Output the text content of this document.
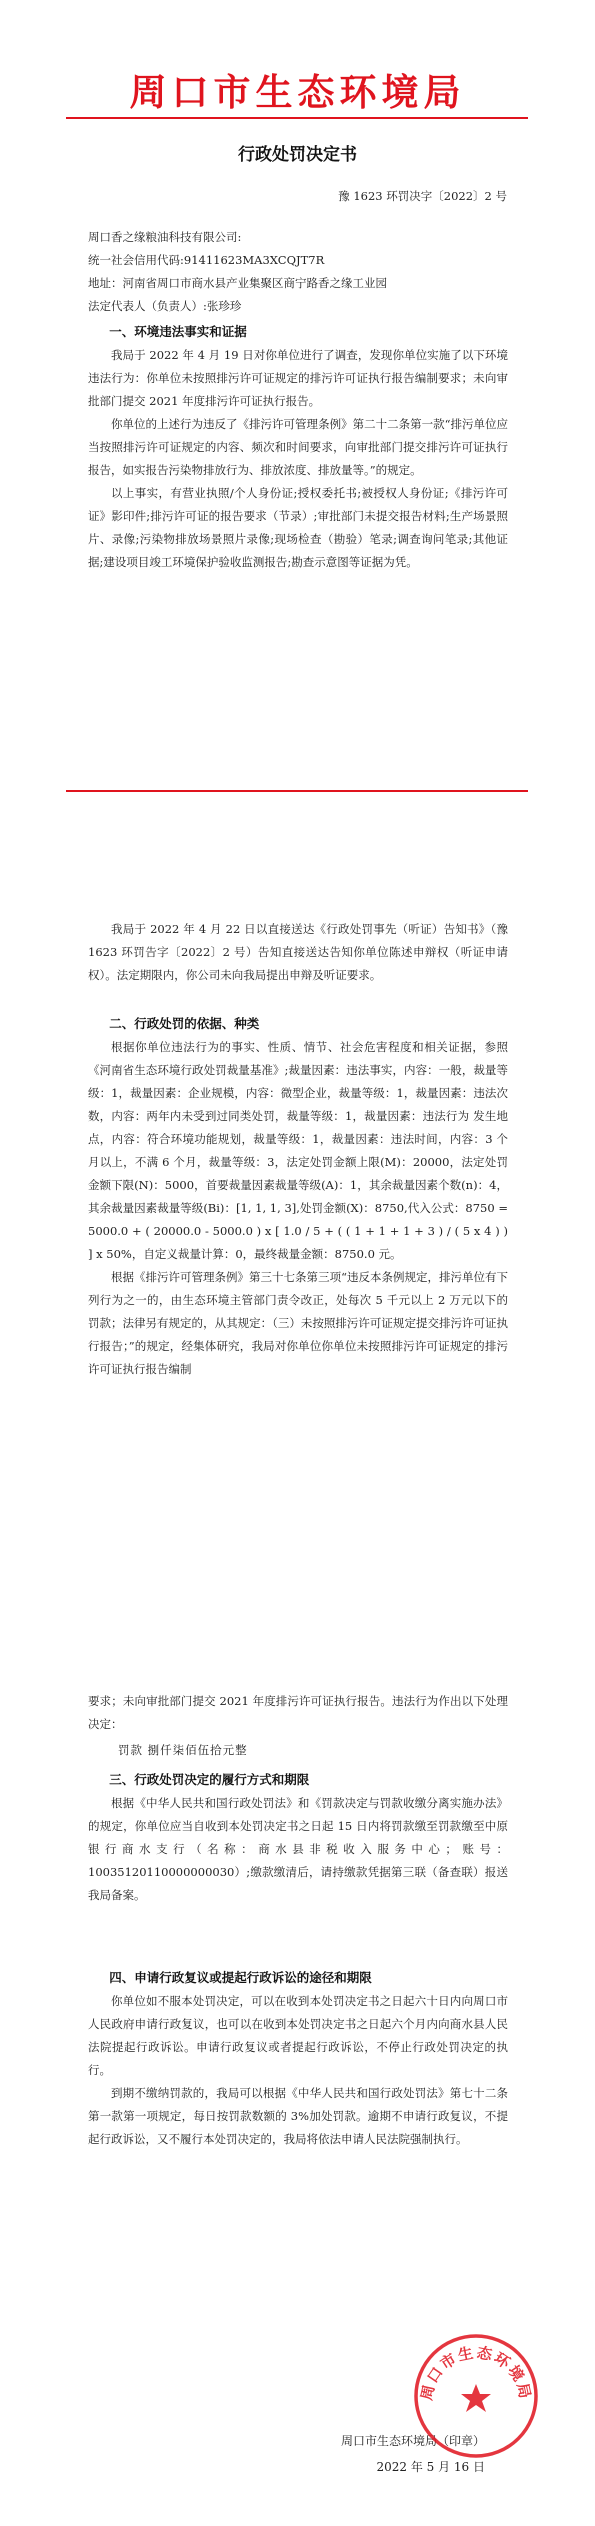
周口市生态环境局
行政处罚决定书
豫 1623 环罚决字〔2022〕2 号

周口香之缘粮油科技有限公司:

统一社会信用代码:91411623MA3XCQJT7R

地址：河南省周口市商水县产业集聚区商宁路香之缘工业园

法定代表人（负责人）:张珍珍

一、环境违法事实和证据

我局于 2022 年 4 月 19 日对你单位进行了调查，发现你单位实施了以下环境违法行为：你单位未按照排污许可证规定的排污许可证执行报告编制要求；未向审批部门提交 2021 年度排污许可证执行报告。

你单位的上述行为违反了《排污许可管理条例》第二十二条第一款“排污单位应当按照排污许可证规定的内容、频次和时间要求，向审批部门提交排污许可证执行报告，如实报告污染物排放行为、排放浓度、排放量等。”的规定。

以上事实，有营业执照/个人身份证;授权委托书;被授权人身份证;《排污许可证》影印件;排污许可证的报告要求（节录）;审批部门未提交报告材料;生产场景照片、录像;污染物排放场景照片录像;现场检查（勘验）笔录;调查询问笔录;其他证据;建设项目竣工环境保护验收监测报告;勘查示意图等证据为凭。

我局于 2022 年 4 月 22 日以直接送达《行政处罚事先（听证）告知书》（豫 1623 环罚告字〔2022〕2 号）告知直接送达告知你单位陈述申辩权（听证申请权）。法定期限内，你公司未向我局提出申辩及听证要求。

二、行政处罚的依据、种类

根据你单位违法行为的事实、性质、情节、社会危害程度和相关证据，参照《河南省生态环境行政处罚裁量基准》;裁量因素：违法事实，内容：一般，裁量等级：1，裁量因素：企业规模，内容：微型企业，裁量等级：1，裁量因素：违法次数，内容：两年内未受到过同类处罚，裁量等级：1，裁量因素：违法行为 发生地点，内容：符合环境功能规划，裁量等级：1，裁量因素：违法时间，内容：3 个月以上，不满 6 个月，裁量等级：3，法定处罚金额上限(M)：20000，法定处罚金额下限(N)：5000，首要裁量因素裁量等级(A)：1，其余裁量因素个数(n)：4，其余裁量因素裁量等级(Bi)：[1, 1, 1, 3],处罚金额(X)：8750,代入公式：8750 = 5000.0 + ( 20000.0 - 5000.0 ) x [ 1.0 / 5 + ( ( 1 + 1 + 1 + 3 ) / ( 5 x 4 ) ) ] x 50%，自定义裁量计算：0，最终裁量金额：8750.0 元。

根据《排污许可管理条例》第三十七条第三项“违反本条例规定，排污单位有下列行为之一的，由生态环境主管部门责令改正，处每次 5 千元以上 2 万元以下的罚款；法律另有规定的，从其规定：（三）未按照排污许可证规定提交排污许可证执行报告；”的规定，经集体研究，我局对你单位你单位未按照排污许可证规定的排污许可证执行报告编制

要求；未向审批部门提交 2021 年度排污许可证执行报告。违法行为作出以下处理决定：

罚款 捌仟柒佰伍拾元整
三、行政处罚决定的履行方式和期限

根据《中华人民共和国行政处罚法》和《罚款决定与罚款收缴分离实施办法》的规定，你单位应当自收到本处罚决定书之日起 15 日内将罚款缴至罚款缴至中原银行商水支行（名称：商水县非税收入服务中心；账号：10035120110000000030）;缴款缴清后，请持缴款凭据第三联（备查联）报送我局备案。

四、申请行政复议或提起行政诉讼的途径和期限

你单位如不服本处罚决定，可以在收到本处罚决定书之日起六十日内向周口市人民政府申请行政复议，也可以在收到本处罚决定书之日起六个月内向商水县人民法院提起行政诉讼。申请行政复议或者提起行政诉讼，不停止行政处罚决定的执行。

到期不缴纳罚款的，我局可以根据《中华人民共和国行政处罚法》第七十二条第一款第一项规定，每日按罚款数额的 3%加处罚款。逾期不申请行政复议，不提起行政诉讼，又不履行本处罚决定的，我局将依法申请人民法院强制执行。

周口市生态环境局（印章）
2022 年 5 月 16 日
周口市生态环境局
